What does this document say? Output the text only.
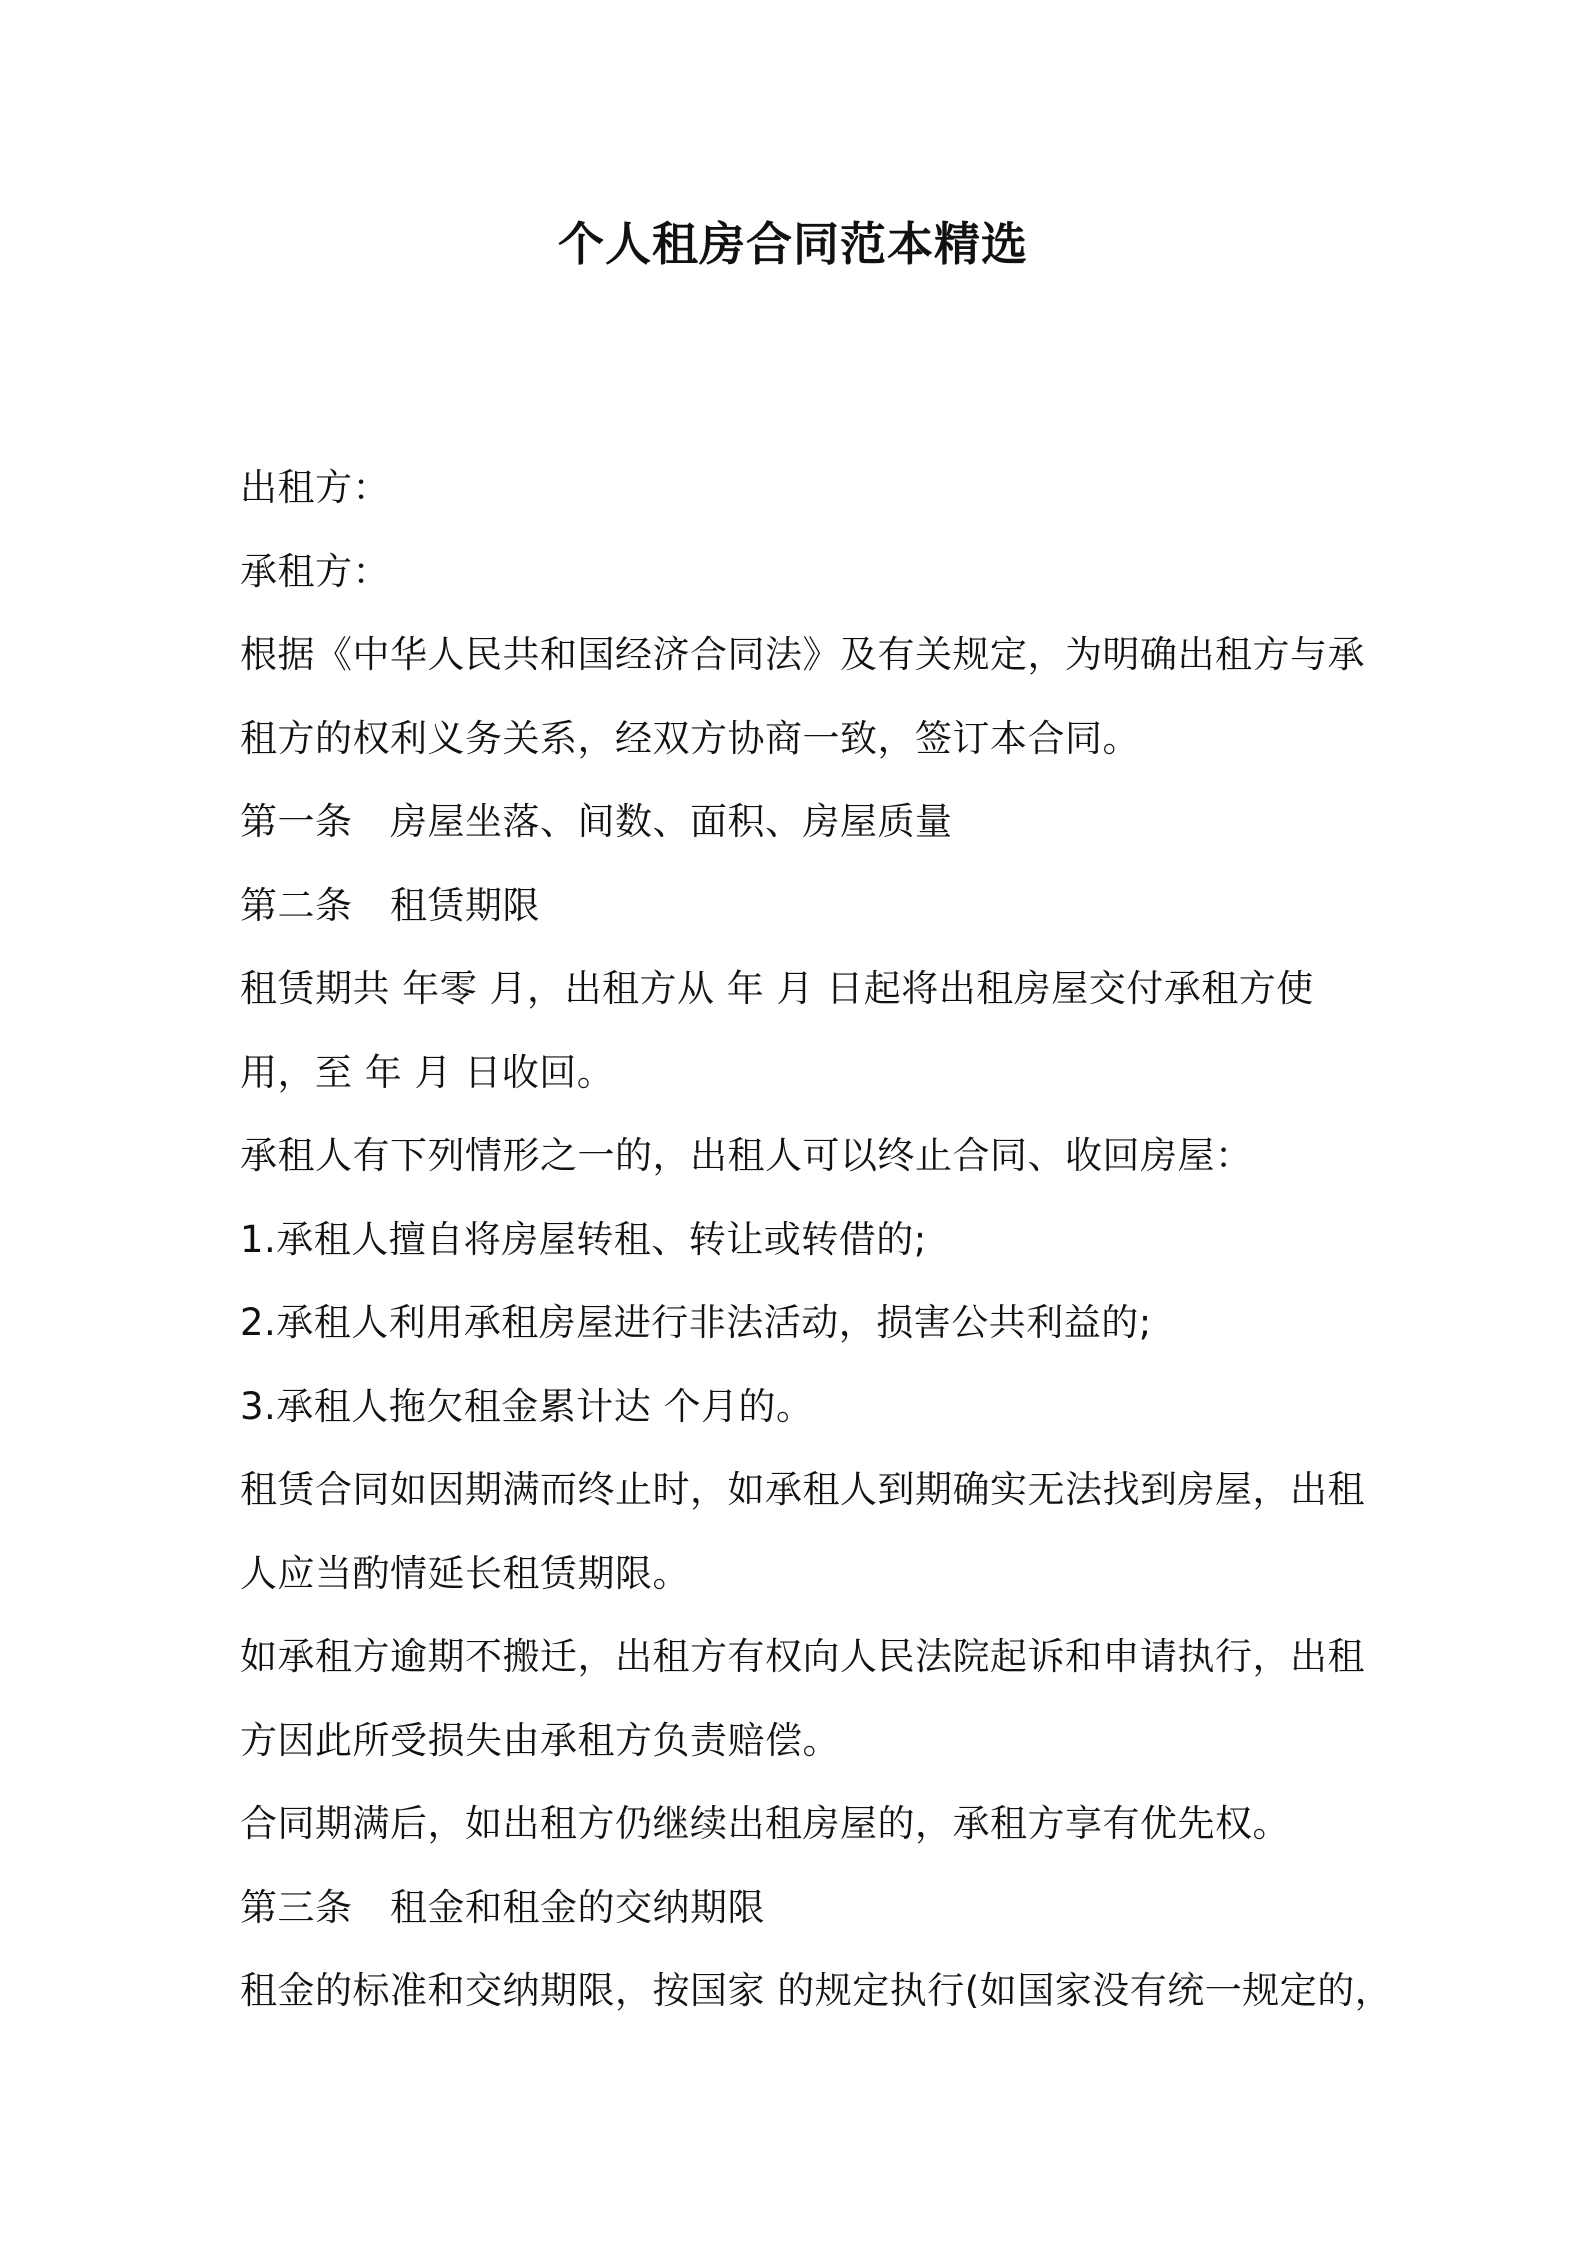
个人租房合同范本精选
出租方：
承租方：
根据《中华人民共和国经济合同法》及有关规定，为明确出租方与承
租方的权利义务关系，经双方协商一致，签订本合同。
第一条　房屋坐落、间数、面积、房屋质量
第二条　租赁期限
租赁期共 年零 月，出租方从 年 月 日起将出租房屋交付承租方使
用，至 年 月 日收回。
承租人有下列情形之一的，出租人可以终止合同、收回房屋：
1.承租人擅自将房屋转租、转让或转借的;
2.承租人利用承租房屋进行非法活动，损害公共利益的;
3.承租人拖欠租金累计达 个月的。
租赁合同如因期满而终止时，如承租人到期确实无法找到房屋，出租
人应当酌情延长租赁期限。
如承租方逾期不搬迁，出租方有权向人民法院起诉和申请执行，出租
方因此所受损失由承租方负责赔偿。
合同期满后，如出租方仍继续出租房屋的，承租方享有优先权。
第三条　租金和租金的交纳期限
租金的标准和交纳期限，按国家 的规定执行(如国家没有统一规定的，
